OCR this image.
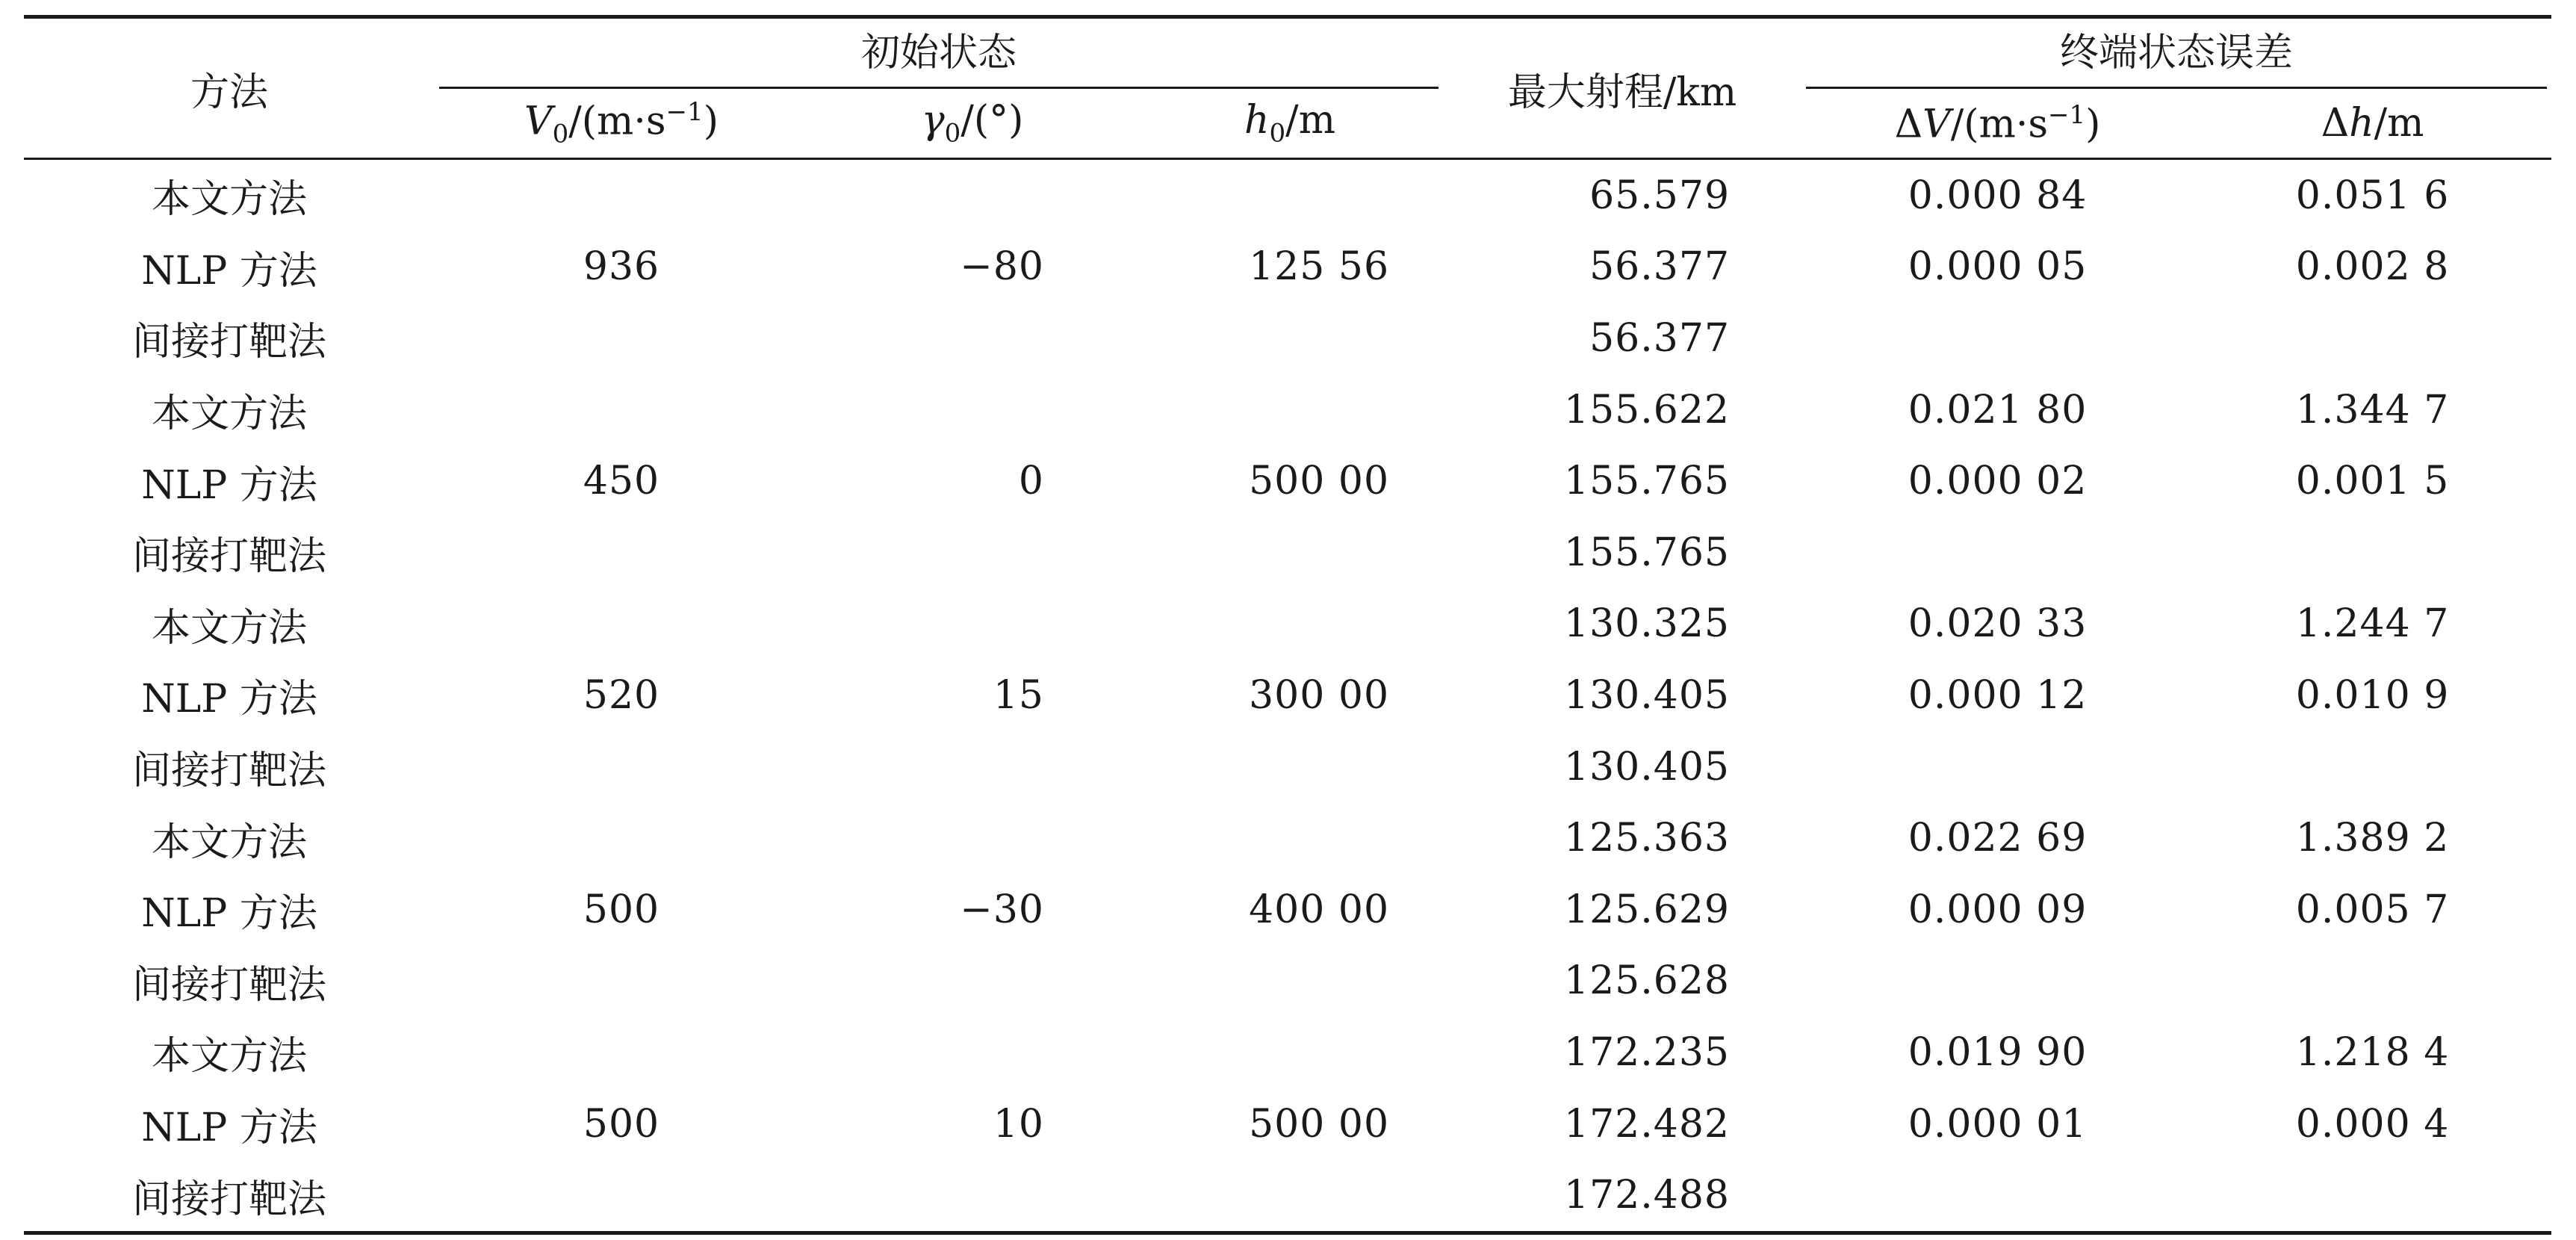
方法	初始状态			最大射程/km	终端状态误差	

	$V_0/(m\cdot s^{-1})$	$\gamma_0/(^\circ)$	$h_0/m$		$\Delta V/(m\cdot s^{-1})$	Δh/m
本文方法				65.579	0.000 84	0.051 6
NLP 方法	936	−80	125 56	56.377	0.000 05	0.002 8
间接打靶法				56.377		
本文方法				155.622	0.021 80	1.344 7
NLP 方法	450	0	500 00	155.765	0.000 02	0.001 5
间接打靶法				155.765		
本文方法				130.325	0.020 33	1.244 7
NLP 方法	520	15	300 00	130.405	0.000 12	0.010 9
间接打靶法				130.405		
本文方法				125.363	0.022 69	1.389 2
NLP 方法	500	−30	400 00	125.629	0.000 09	0.005 7
间接打靶法				125.628		
本文方法				172.235	0.019 90	1.218 4
NLP 方法	500	10	500 00	172.482	0.000 01	0.000 4
间接打靶法				172.488		
